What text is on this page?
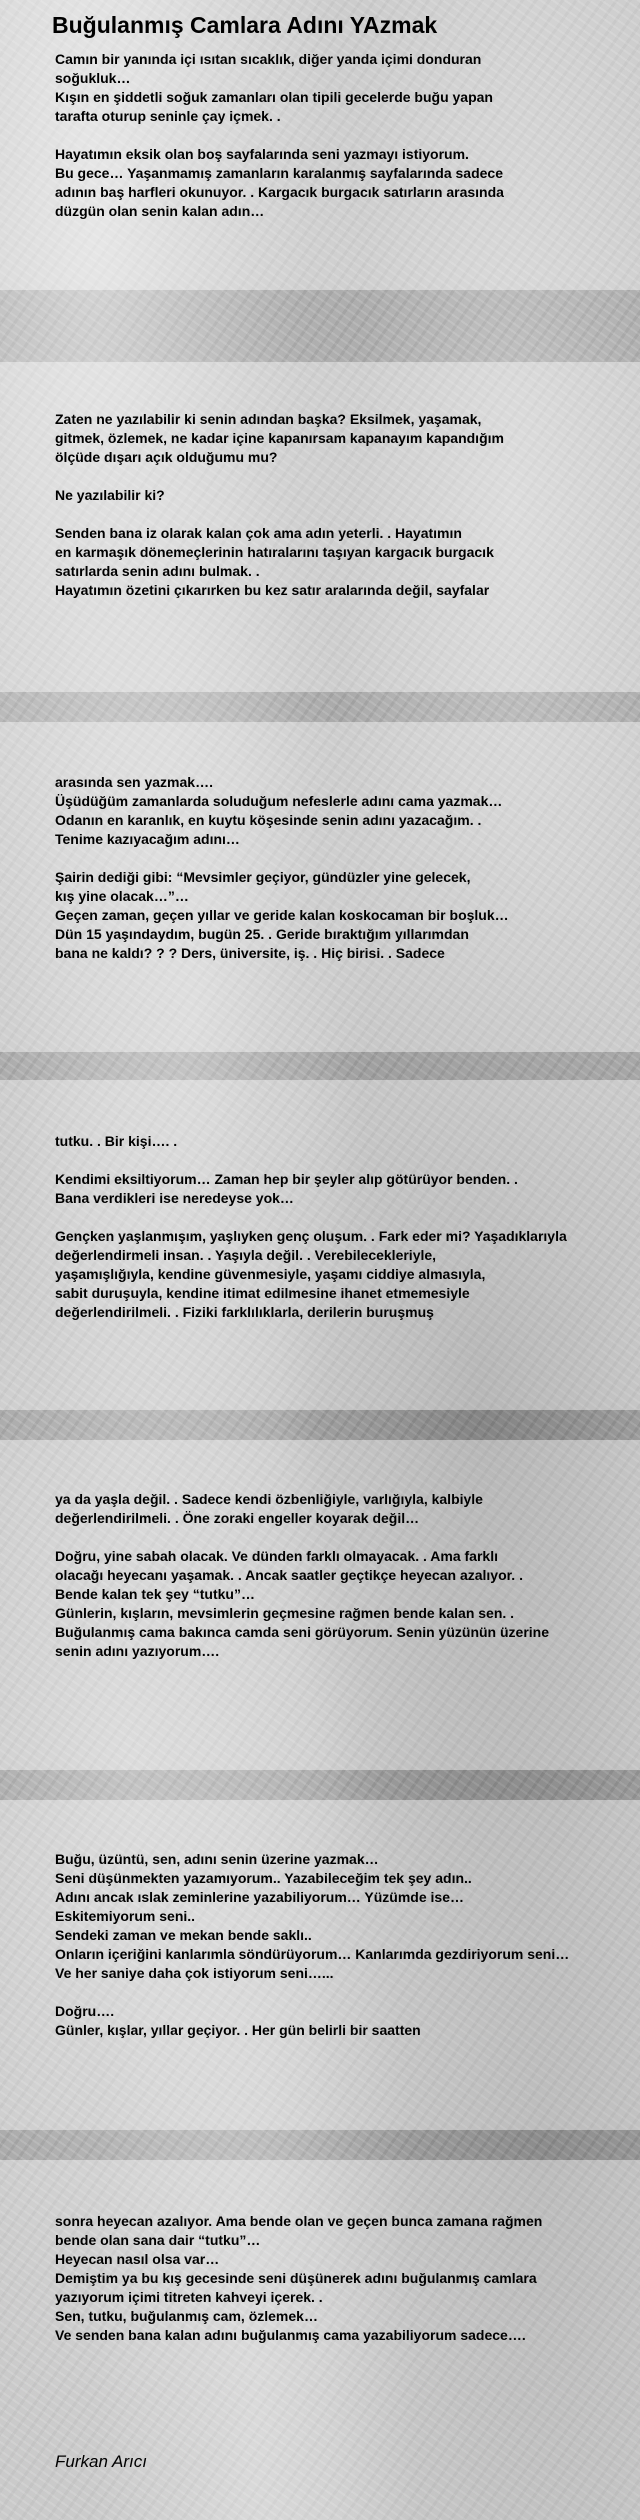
Buğulanmış Camlara Adını YAzmak
Camın bir yanında içi ısıtan sıcaklık, diğer yanda içimi donduran
soğukluk…
Kışın en şiddetli soğuk zamanları olan tipili gecelerde buğu yapan
tarafta oturup seninle çay içmek. .
Hayatımın eksik olan boş sayfalarında seni yazmayı istiyorum.
Bu gece… Yaşanmamış zamanların karalanmış sayfalarında sadece
adının baş harfleri okunuyor. . Kargacık burgacık satırların arasında
düzgün olan senin kalan adın…
Zaten ne yazılabilir ki senin adından başka? Eksilmek, yaşamak,
gitmek, özlemek, ne kadar içine kapanırsam kapanayım kapandığım
ölçüde dışarı açık olduğumu mu?
Ne yazılabilir ki?
Senden bana iz olarak kalan çok ama adın yeterli. . Hayatımın
en karmaşık dönemeçlerinin hatıralarını taşıyan kargacık burgacık
satırlarda senin adını bulmak. .
Hayatımın özetini çıkarırken bu kez satır aralarında değil, sayfalar
arasında sen yazmak….
Üşüdüğüm zamanlarda soluduğum nefeslerle adını cama yazmak…
Odanın en karanlık, en kuytu köşesinde senin adını yazacağım. .
Tenime kazıyacağım adını…
Şairin dediği gibi: “Mevsimler geçiyor, gündüzler yine gelecek,
kış yine olacak…”…
Geçen zaman, geçen yıllar ve geride kalan koskocaman bir boşluk…
Dün 15 yaşındaydım, bugün 25. . Geride bıraktığım yıllarımdan
bana ne kaldı? ? ? Ders, üniversite, iş. . Hiç birisi. . Sadece
tutku. . Bir kişi…. .
Kendimi eksiltiyorum… Zaman hep bir şeyler alıp götürüyor benden. .
Bana verdikleri ise neredeyse yok…
Gençken yaşlanmışım, yaşlıyken genç oluşum. . Fark eder mi? Yaşadıklarıyla
değerlendirmeli insan. . Yaşıyla değil. . Verebilecekleriyle,
yaşamışlığıyla, kendine güvenmesiyle, yaşamı ciddiye almasıyla,
sabit duruşuyla, kendine itimat edilmesine ihanet etmemesiyle
değerlendirilmeli. . Fiziki farklılıklarla, derilerin buruşmuş
ya da yaşla değil. . Sadece kendi özbenliğiyle, varlığıyla, kalbiyle
değerlendirilmeli. . Öne zoraki engeller koyarak değil…
Doğru, yine sabah olacak. Ve dünden farklı olmayacak. . Ama farklı
olacağı heyecanı yaşamak. . Ancak saatler geçtikçe heyecan azalıyor. .
Bende kalan tek şey “tutku”…
Günlerin, kışların, mevsimlerin geçmesine rağmen bende kalan sen. .
Buğulanmış cama bakınca camda seni görüyorum. Senin yüzünün üzerine
senin adını yazıyorum….
Buğu, üzüntü, sen, adını senin üzerine yazmak…
Seni düşünmekten yazamıyorum.. Yazabileceğim tek şey adın..
Adını ancak ıslak zeminlerine yazabiliyorum… Yüzümde ise…
Eskitemiyorum seni..
Sendeki zaman ve mekan bende saklı..
Onların içeriğini kanlarımla söndürüyorum… Kanlarımda gezdiriyorum seni…
Ve her saniye daha çok istiyorum seni…...
Doğru….
Günler, kışlar, yıllar geçiyor. . Her gün belirli bir saatten
sonra heyecan azalıyor. Ama bende olan ve geçen bunca zamana rağmen
bende olan sana dair “tutku”…
Heyecan nasıl olsa var…
Demiştim ya bu kış gecesinde seni düşünerek adını buğulanmış camlara
yazıyorum içimi titreten kahveyi içerek. .
Sen, tutku, buğulanmış cam, özlemek…
Ve senden bana kalan adını buğulanmış cama yazabiliyorum sadece….
Furkan Arıcı
